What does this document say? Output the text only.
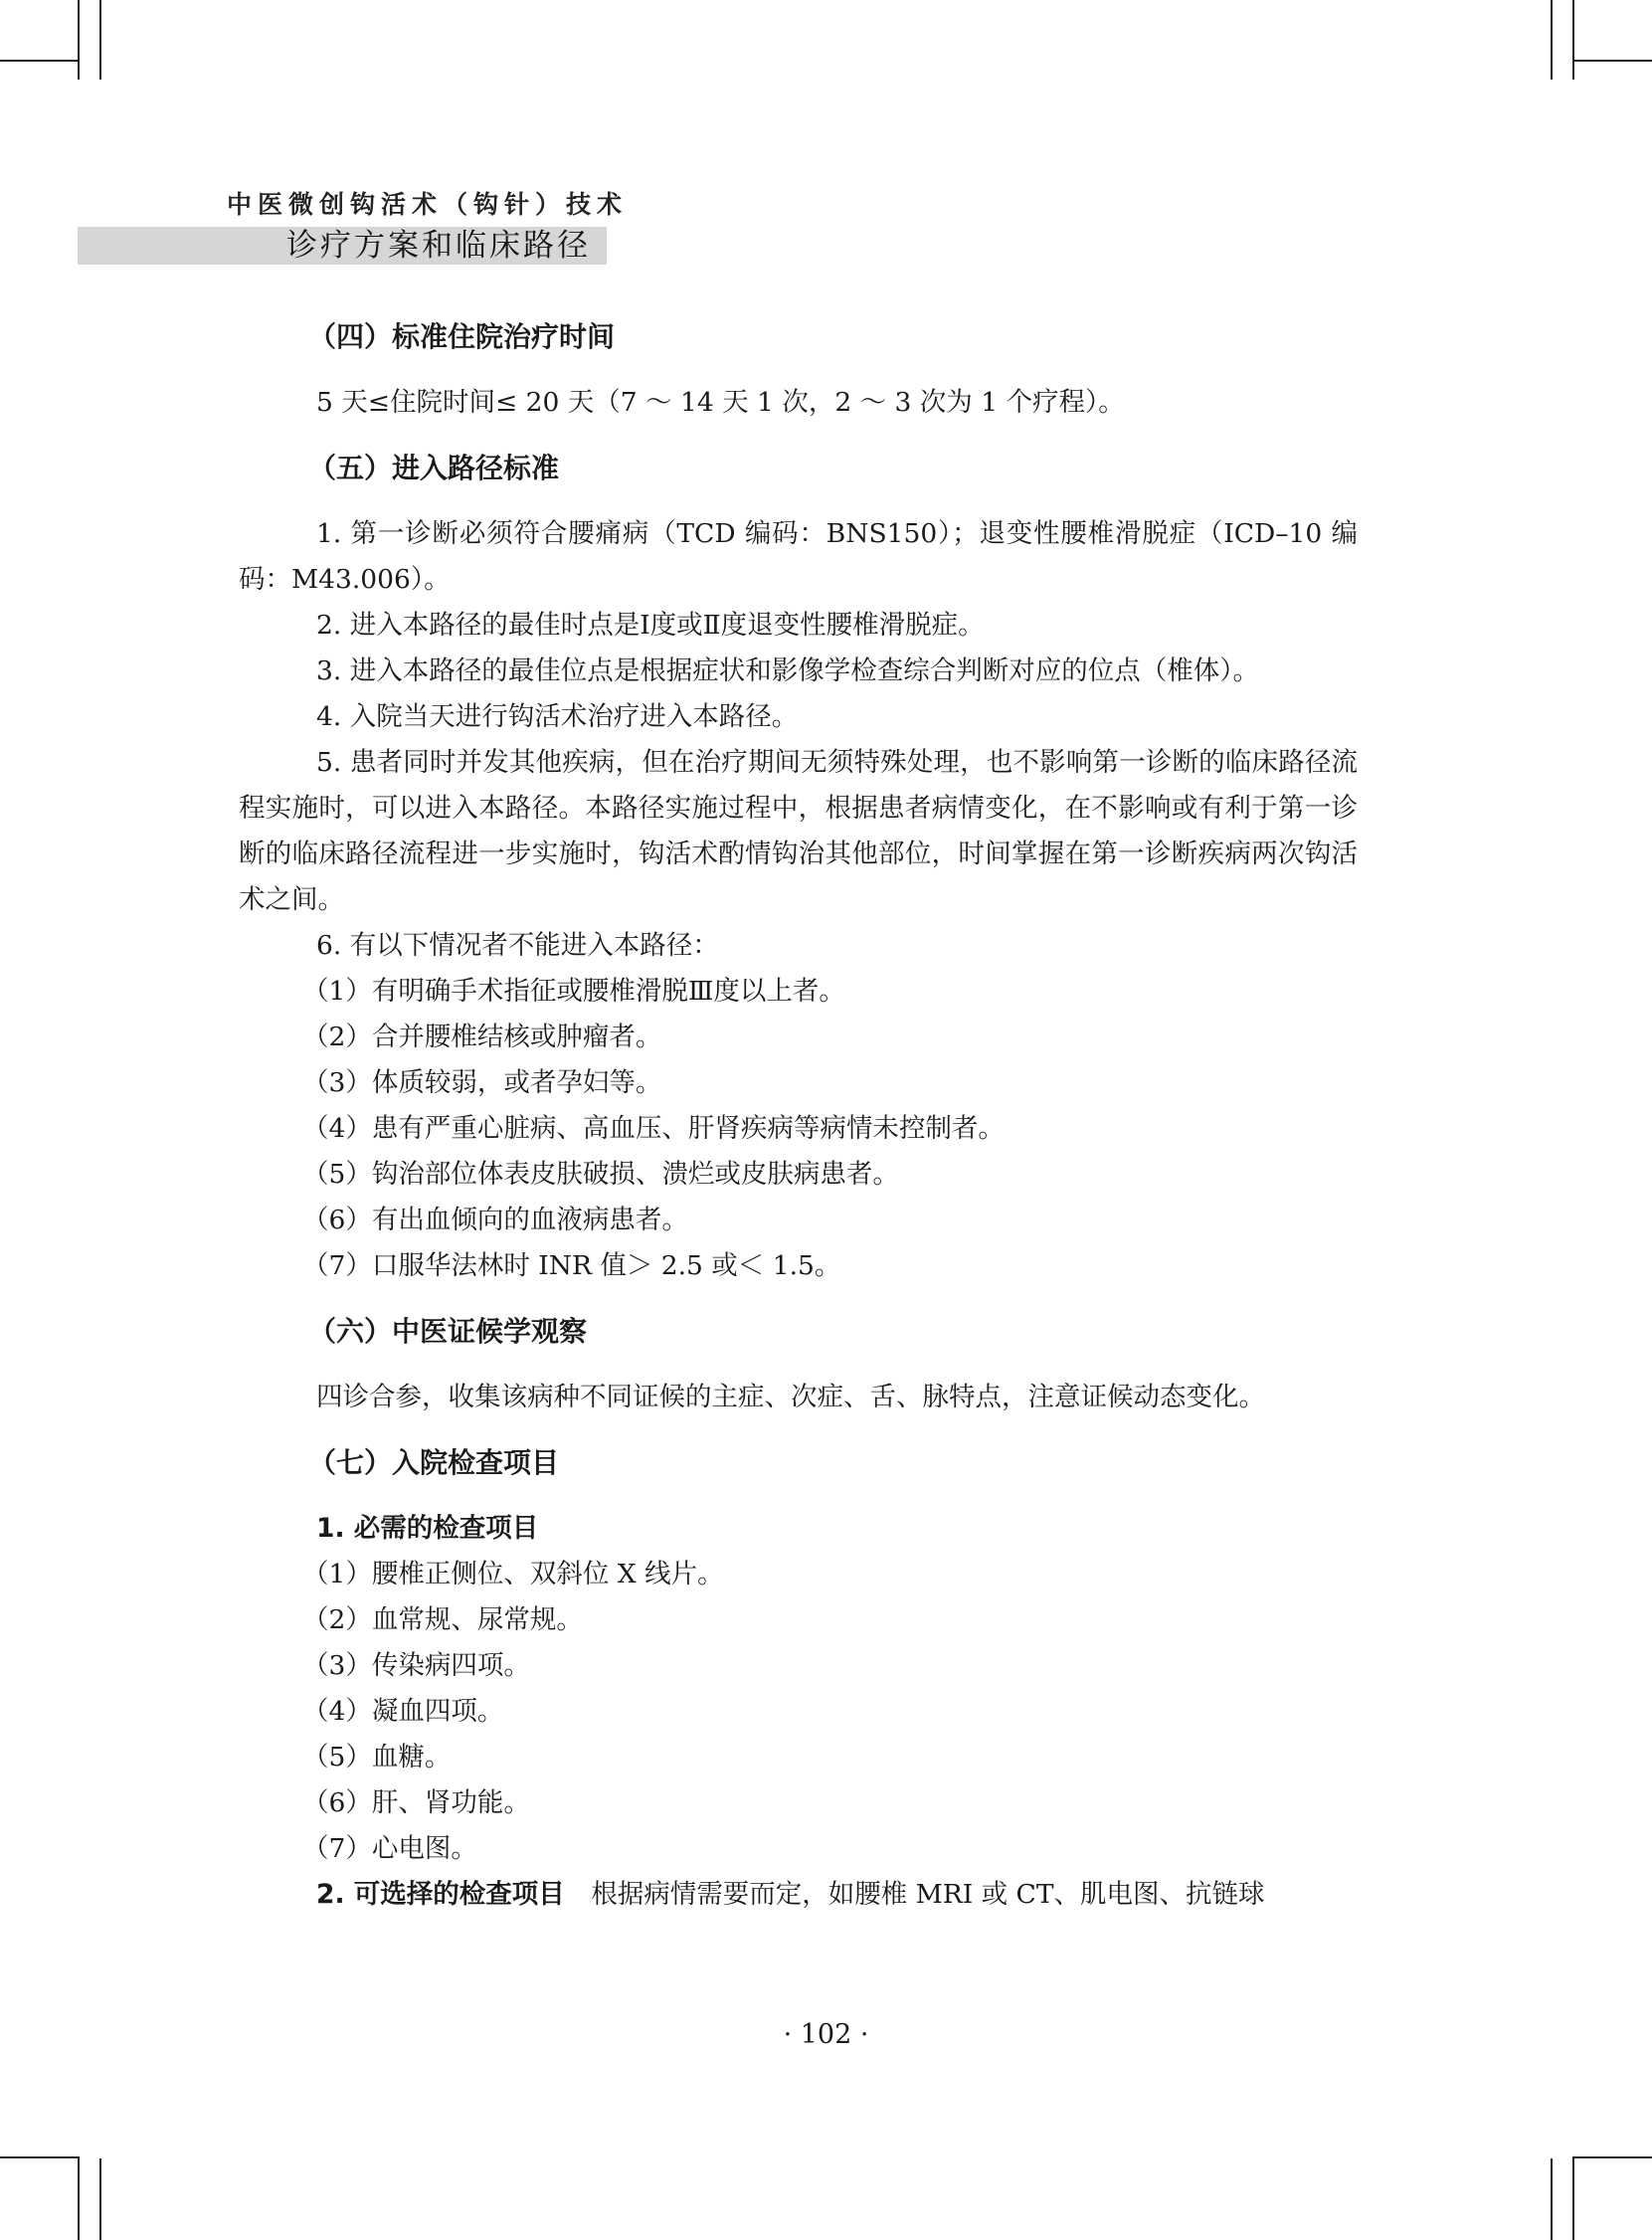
中医微创钩活术（钩针）技术
诊疗方案和临床路径
（四）标准住院治疗时间
5 天≤住院时间≤ 20 天（7 ～ 14 天 1 次，2 ～ 3 次为 1 个疗程）。
（五）进入路径标准
1. 第一诊断必须符合腰痛病（TCD 编码：BNS150）；退变性腰椎滑脱症（ICD–10 编码：M43.006）。
2. 进入本路径的最佳时点是Ⅰ度或Ⅱ度退变性腰椎滑脱症。
3. 进入本路径的最佳位点是根据症状和影像学检查综合判断对应的位点（椎体）。
4. 入院当天进行钩活术治疗进入本路径。
5. 患者同时并发其他疾病，但在治疗期间无须特殊处理，也不影响第一诊断的临床路径流程实施时，可以进入本路径。本路径实施过程中，根据患者病情变化，在不影响或有利于第一诊断的临床路径流程进一步实施时，钩活术酌情钩治其他部位，时间掌握在第一诊断疾病两次钩活术之间。
6. 有以下情况者不能进入本路径：
（1）有明确手术指征或腰椎滑脱Ⅲ度以上者。
（2）合并腰椎结核或肿瘤者。
（3）体质较弱，或者孕妇等。
（4）患有严重心脏病、高血压、肝肾疾病等病情未控制者。
（5）钩治部位体表皮肤破损、溃烂或皮肤病患者。
（6）有出血倾向的血液病患者。
（7）口服华法林时 INR 值＞ 2.5 或＜ 1.5。
（六）中医证候学观察
四诊合参，收集该病种不同证候的主症、次症、舌、脉特点，注意证候动态变化。
（七）入院检查项目
1. 必需的检查项目
（1）腰椎正侧位、双斜位 X 线片。
（2）血常规、尿常规。
（3）传染病四项。
（4）凝血四项。
（5）血糖。
（6）肝、肾功能。
（7）心电图。
2. 可选择的检查项目　 根据病情需要而定，如腰椎 MRI 或 CT、肌电图、抗链球
· 102 ·
